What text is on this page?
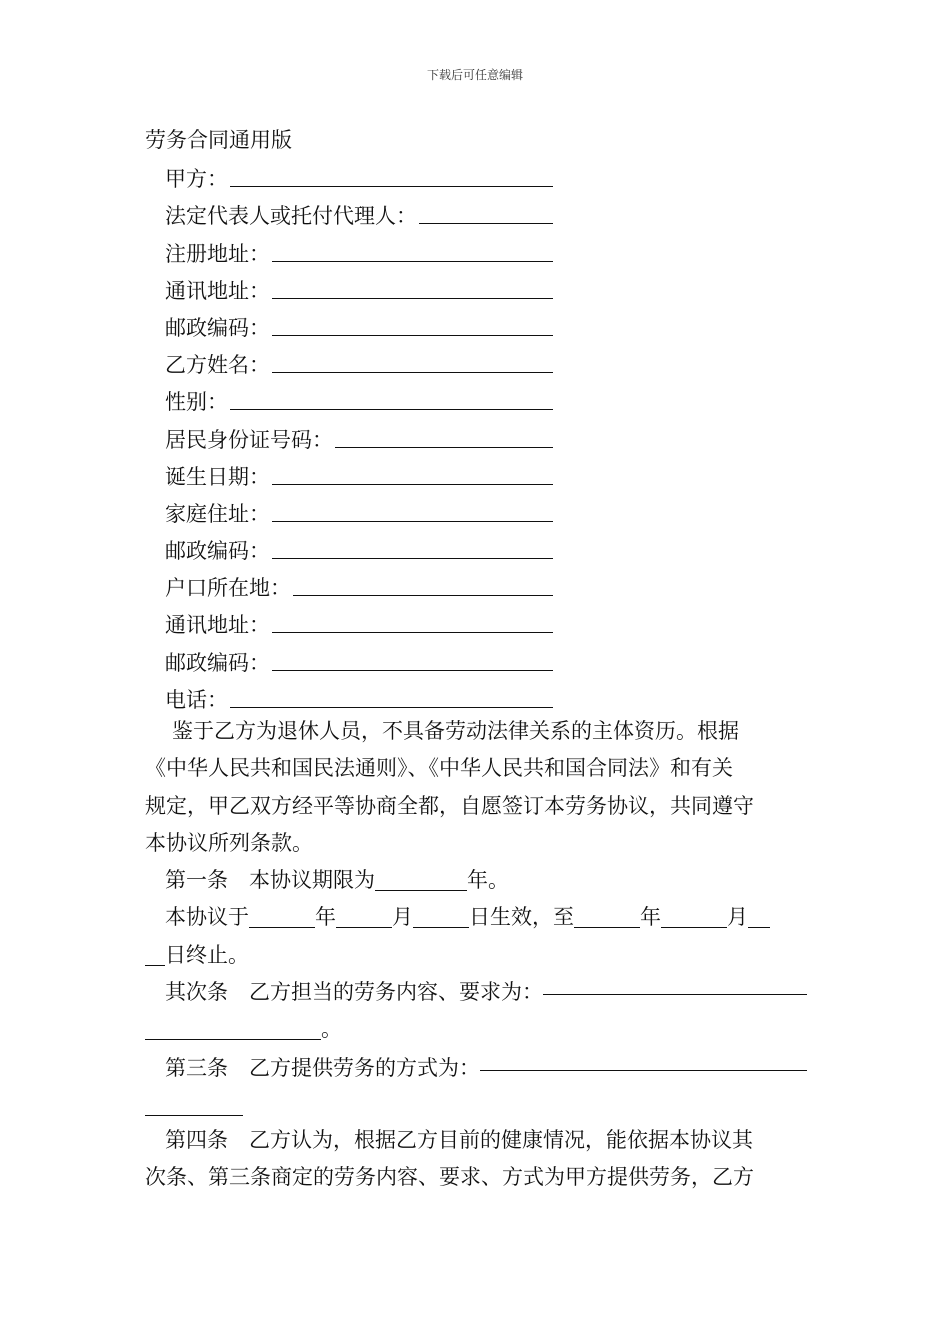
下载后可任意编辑
劳务合同通用版
甲方：
法定代表人或托付代理人：
注册地址：
通讯地址：
邮政编码：
乙方姓名：
性别：
居民身份证号码：
诞生日期：
家庭住址：
邮政编码：
户口所在地：
通讯地址：
邮政编码：
电话：
鉴于乙方为退休人员，不具备劳动法律关系的主体资历。根据
《中华人民共和国民法通则》、《中华人民共和国合同法》和有关
规定，甲乙双方经平等协商全都，自愿签订本劳务协议，共同遵守
本协议所列条款。
第一条　本协议期限为	年。
本协议于	年	月	日生效，至	年	月
日终止。
其次条　乙方担当的劳务内容、要求为：
。
第三条　乙方提供劳务的方式为：
第四条　乙方认为，根据乙方目前的健康情况，能依据本协议其
次条、第三条商定的劳务内容、要求、方式为甲方提供劳务，乙方
